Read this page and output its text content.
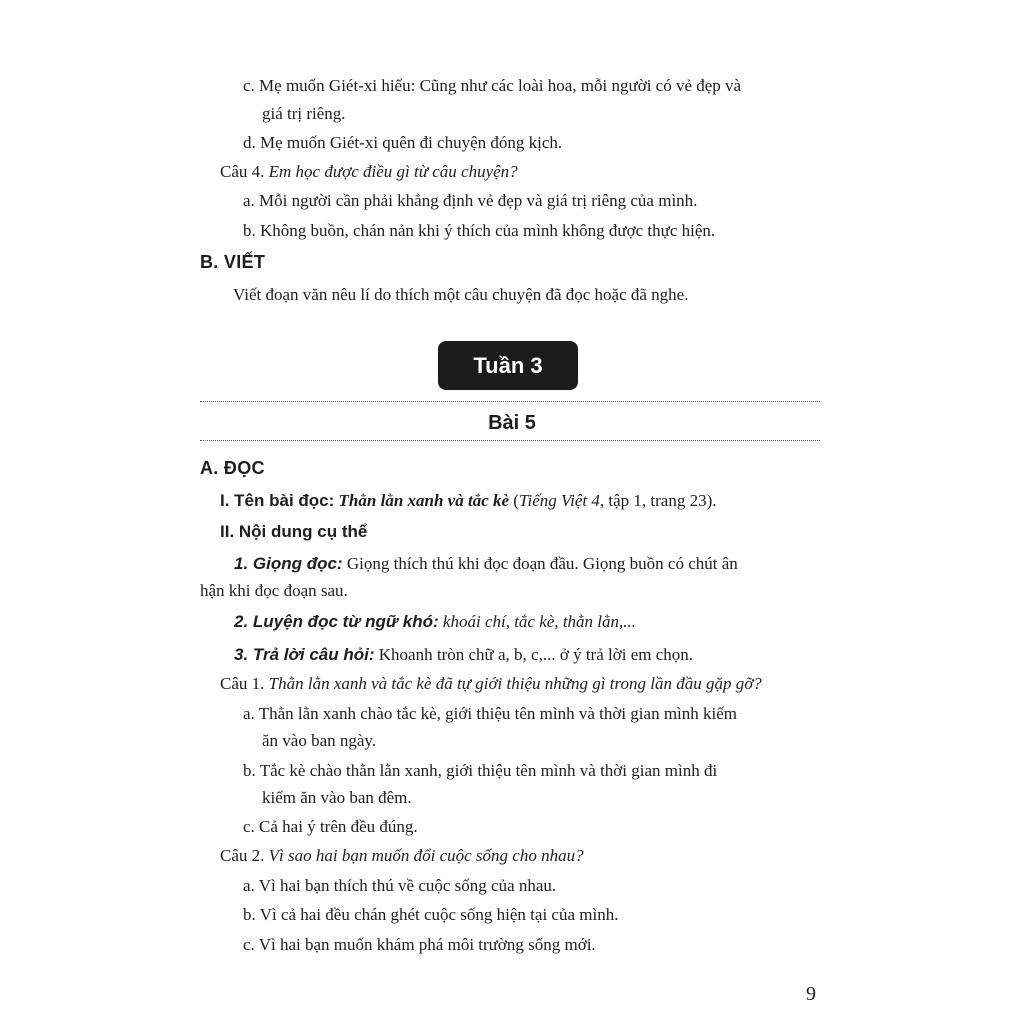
c. Mẹ muốn Giét-xi hiểu: Cũng như các loài hoa, mỗi người có vẻ đẹp và
giá trị riêng.
d. Mẹ muốn Giét-xi quên đi chuyện đóng kịch.
Câu 4. Em học được điều gì từ câu chuyện?
a. Mỗi người cần phải khẳng định vẻ đẹp và giá trị riêng của mình.
b. Không buồn, chán nản khi ý thích của mình không được thực hiện.
B. VIẾT
Viết đoạn văn nêu lí do thích một câu chuyện đã đọc hoặc đã nghe.
Tuần 3
Bài 5
A. ĐỌC
I. Tên bài đọc: Thằn lằn xanh và tắc kè (Tiếng Việt 4, tập 1, trang 23).
II. Nội dung cụ thể
1. Giọng đọc: Giọng thích thú khi đọc đoạn đầu. Giọng buồn có chút ân
hận khi đọc đoạn sau.
2. Luyện đọc từ ngữ khó: khoái chí, tắc kè, thằn lằn,...
3. Trả lời câu hỏi: Khoanh tròn chữ a, b, c,... ở ý trả lời em chọn.
Câu 1. Thằn lằn xanh và tắc kè đã tự giới thiệu những gì trong lần đầu gặp gỡ?
a. Thằn lằn xanh chào tắc kè, giới thiệu tên mình và thời gian mình kiếm
ăn vào ban ngày.
b. Tắc kè chào thằn lằn xanh, giới thiệu tên mình và thời gian mình đi
kiếm ăn vào ban đêm.
c. Cả hai ý trên đều đúng.
Câu 2. Vì sao hai bạn muốn đổi cuộc sống cho nhau?
a. Vì hai bạn thích thú về cuộc sống của nhau.
b. Vì cả hai đều chán ghét cuộc sống hiện tại của mình.
c. Vì hai bạn muốn khám phá môi trường sống mới.
9
